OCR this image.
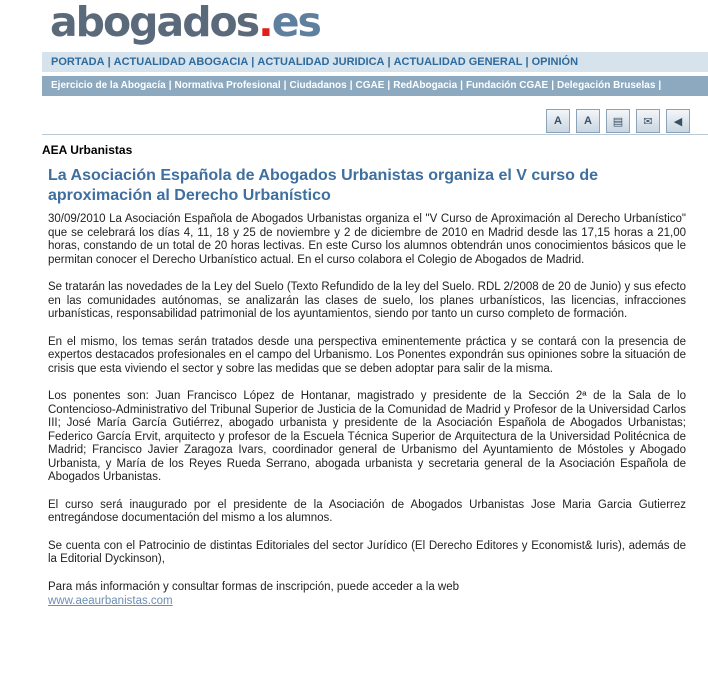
abogados . es
PORTADA | ACTUALIDAD ABOGACIA | ACTUALIDAD JURIDICA | ACTUALIDAD GENERAL | OPINIÓN
Ejercicio de la Abogacía | Normativa Profesional | Ciudadanos | CGAE | RedAbogacia | Fundación CGAE | Delegación Bruselas |
A	A	▤	✉	◀
AEA Urbanistas
La Asociación Española de Abogados Urbanistas organiza el V curso de aproximación al Derecho Urbanístico

30/09/2010 La Asociación Española de Abogados Urbanistas organiza el "V Curso de Aproximación al Derecho Urbanístico" que se celebrará los días 4, 11, 18 y 25 de noviembre y 2 de diciembre de 2010 en Madrid desde las 17,15 horas a 21,00 horas, constando de un total de 20 horas lectivas. En este Curso los alumnos obtendrán unos conocimientos básicos que le permitan conocer el Derecho Urbanístico actual. En el curso colabora el Colegio de Abogados de Madrid.

Se tratarán las novedades de la Ley del Suelo (Texto Refundido de la ley del Suelo. RDL 2/2008 de 20 de Junio) y sus efecto en las comunidades autónomas, se analizarán las clases de suelo, los planes urbanísticos, las licencias, infracciones urbanísticas, responsabilidad patrimonial de los ayuntamientos, siendo por tanto un curso completo de formación.

En el mismo, los temas serán tratados desde una perspectiva eminentemente práctica y se contará con la presencia de expertos destacados profesionales en el campo del Urbanismo. Los Ponentes expondrán sus opiniones sobre la situación de crisis que esta viviendo el sector y sobre las medidas que se deben adoptar para salir de la misma.

Los ponentes son: Juan Francisco López de Hontanar, magistrado y presidente de la Sección 2ª de la Sala de lo Contencioso-Administrativo del Tribunal Superior de Justicia de la Comunidad de Madrid y Profesor de la Universidad Carlos III; José María García Gutiérrez, abogado urbanista y presidente de la Asociación Española de Abogados Urbanistas; Federico García Ervit, arquitecto y profesor de la Escuela Técnica Superior de Arquitectura de la Universidad Politécnica de Madrid; Francisco Javier Zaragoza Ivars, coordinador general de Urbanismo del Ayuntamiento de Móstoles y Abogado Urbanista, y María de los Reyes Rueda Serrano, abogada urbanista y secretaria general de la Asociación Española de Abogados Urbanistas.

El curso será inaugurado por el presidente de la Asociación de Abogados Urbanistas Jose Maria Garcia Gutierrez entregándose documentación del mismo a los alumnos.

Se cuenta con el Patrocinio de distintas Editoriales del sector Jurídico (El Derecho Editores y Economist& Iuris), además de la Editorial Dyckinson),

Para más información y consultar formas de inscripción, puede acceder a la web
www.aeaurbanistas.com
